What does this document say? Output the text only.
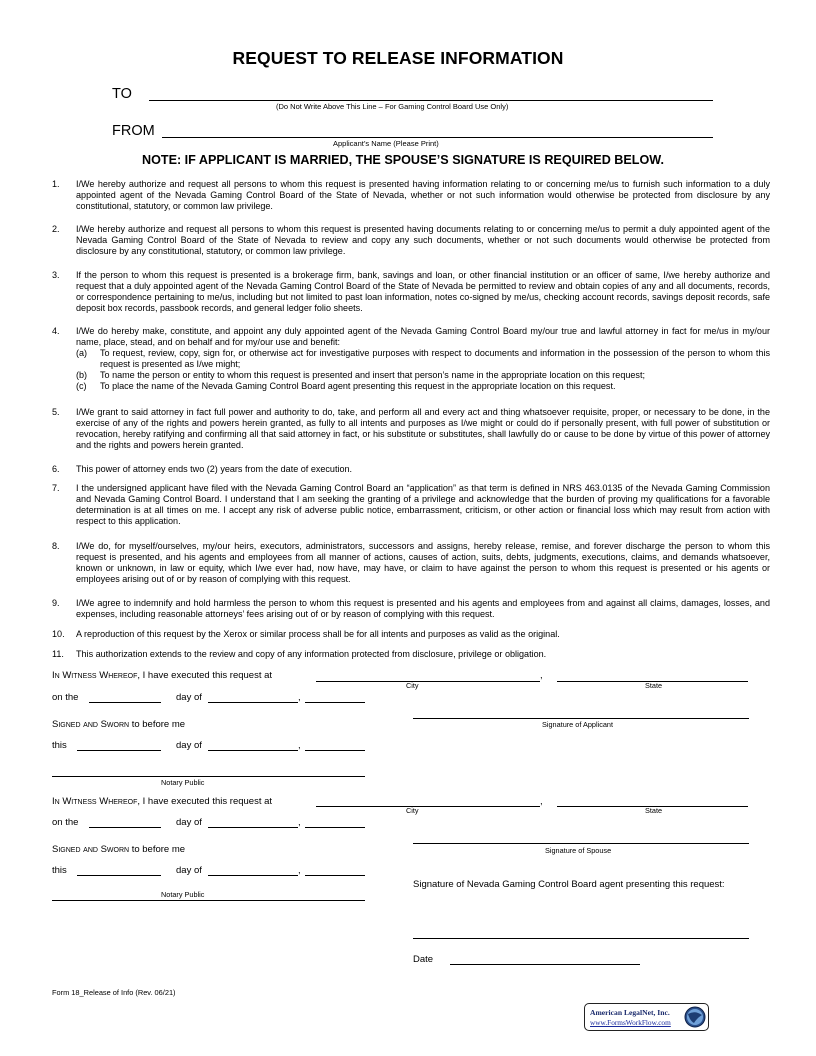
REQUEST TO RELEASE INFORMATION
TO
(Do Not Write Above This Line – For Gaming Control Board Use Only)
FROM
Applicant’s Name (Please Print)
NOTE: IF APPLICANT IS MARRIED, THE SPOUSE’S SIGNATURE IS REQUIRED BELOW.
1. I/We hereby authorize and request all persons to whom this request is presented having information relating to or concerning me/us to furnish such information to a duly appointed agent of the Nevada Gaming Control Board of the State of Nevada, whether or not such information would otherwise be protected from disclosure by any constitutional, statutory, or common law privilege.
2. I/We hereby authorize and request all persons to whom this request is presented having documents relating to or concerning me/us to permit a duly appointed agent of the Nevada Gaming Control Board of the State of Nevada to review and copy any such documents, whether or not such documents would otherwise be protected from disclosure by any constitutional, statutory, or common law privilege.
3. If the person to whom this request is presented is a brokerage firm, bank, savings and loan, or other financial institution or an officer of same, I/we hereby authorize and request that a duly appointed agent of the Nevada Gaming Control Board of the State of Nevada be permitted to review and obtain copies of any and all documents, records, or correspondence pertaining to me/us, including but not limited to past loan information, notes co-signed by me/us, checking account records, savings deposit records, safe deposit box records, passbook records, and general ledger folio sheets.
4. I/We do hereby make, constitute, and appoint any duly appointed agent of the Nevada Gaming Control Board my/our true and lawful attorney in fact for me/us in my/our name, place, stead, and on behalf and for my/our use and benefit:
(a) To request, review, copy, sign for, or otherwise act for investigative purposes with respect to documents and information in the possession of the person to whom this request is presented as I/we might;
(b) To name the person or entity to whom this request is presented and insert that person’s name in the appropriate location on this request;
(c) To place the name of the Nevada Gaming Control Board agent presenting this request in the appropriate location on this request.
5. I/We grant to said attorney in fact full power and authority to do, take, and perform all and every act and thing whatsoever requisite, proper, or necessary to be done, in the exercise of any of the rights and powers herein granted, as fully to all intents and purposes as I/we might or could do if personally present, with full power of substitution or revocation, hereby ratifying and confirming all that said attorney in fact, or his substitute or substitutes, shall lawfully do or cause to be done by virtue of this power of attorney and the rights and powers herein granted.
6. This power of attorney ends two (2) years from the date of execution.
7. I the undersigned applicant have filed with the Nevada Gaming Control Board an “application” as that term is defined in NRS 463.0135 of the Nevada Gaming Commission and Nevada Gaming Control Board. I understand that I am seeking the granting of a privilege and acknowledge that the burden of proving my qualifications for a favorable determination is at all times on me. I accept any risk of adverse public notice, embarrassment, criticism, or other action or financial loss which may result from action with respect to this application.
8. I/We do, for myself/ourselves, my/our heirs, executors, administrators, successors and assigns, hereby release, remise, and forever discharge the person to whom this request is presented, and his agents and employees from all manner of actions, causes of action, suits, debts, judgments, executions, claims, and demands whatsoever, known or unknown, in law or equity, which I/we ever had, now have, may have, or claim to have against the person to whom this request is presented or his agents or employees arising out of or by reason of complying with this request.
9. I/We agree to indemnify and hold harmless the person to whom this request is presented and his agents and employees from and against all claims, damages, losses, and expenses, including reasonable attorneys’ fees arising out of or by reason of complying with this request.
10. A reproduction of this request by the Xerox or similar process shall be for all intents and purposes as valid as the original.
11. This authorization extends to the review and copy of any information protected from disclosure, privilege or obligation.
In Witness Whereof, I have executed this request at	,
City	State
on the	day of	,
Signature of Applicant
Signed and Sworn to before me
this	day of	,
Notary Public
In Witness Whereof, I have executed this request at	,
City	State
on the	day of	,
Signature of Spouse
Signed and Sworn to before me
this	day of	,
Notary Public
Signature of Nevada Gaming Control Board agent presenting this request:
Date
Form 18_Release of Info (Rev. 06/21)
American LegalNet, Inc.
www.FormsWorkFlow.com
